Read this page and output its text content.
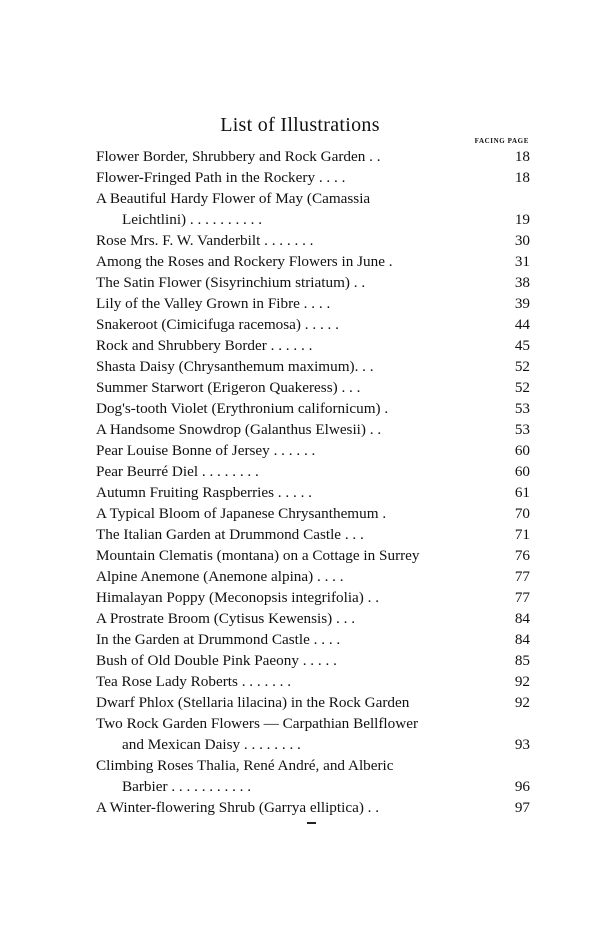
List of Illustrations
FACING PAGE
Flower Border, Shrubbery and Rock Garden . .	18
Flower-Fringed Path in the Rockery . . . .	18
A Beautiful Hardy Flower of May (Camassia
Leichtlini) . . . . . . . . . .	19
Rose Mrs. F. W. Vanderbilt . . . . . . .	30
Among the Roses and Rockery Flowers in June .	31
The Satin Flower (Sisyrinchium striatum) . .	38
Lily of the Valley Grown in Fibre . . . .	39
Snakeroot (Cimicifuga racemosa) . . . . .	44
Rock and Shrubbery Border . . . . . .	45
Shasta Daisy (Chrysanthemum maximum). . .	52
Summer Starwort (Erigeron Quakeress) . . .	52
Dog's-tooth Violet (Erythronium californicum) .	53
A Handsome Snowdrop (Galanthus Elwesii) . .	53
Pear Louise Bonne of Jersey . . . . . .	60
Pear Beurré Diel . . . . . . . .	60
Autumn Fruiting Raspberries . . . . .	61
A Typical Bloom of Japanese Chrysanthemum .	70
The Italian Garden at Drummond Castle . . .	71
Mountain Clematis (montana) on a Cottage in Surrey	76
Alpine Anemone (Anemone alpina) . . . .	77
Himalayan Poppy (Meconopsis integrifolia) . .	77
A Prostrate Broom (Cytisus Kewensis) . . .	84
In the Garden at Drummond Castle . . . .	84
Bush of Old Double Pink Paeony . . . . .	85
Tea Rose Lady Roberts . . . . . . .	92
Dwarf Phlox (Stellaria lilacina) in the Rock Garden	92
Two Rock Garden Flowers — Carpathian Bellflower
and Mexican Daisy . . . . . . . .	93
Climbing Roses Thalia, René André, and Alberic
Barbier . . . . . . . . . . .	96
A Winter-flowering Shrub (Garrya elliptica) . .	97
